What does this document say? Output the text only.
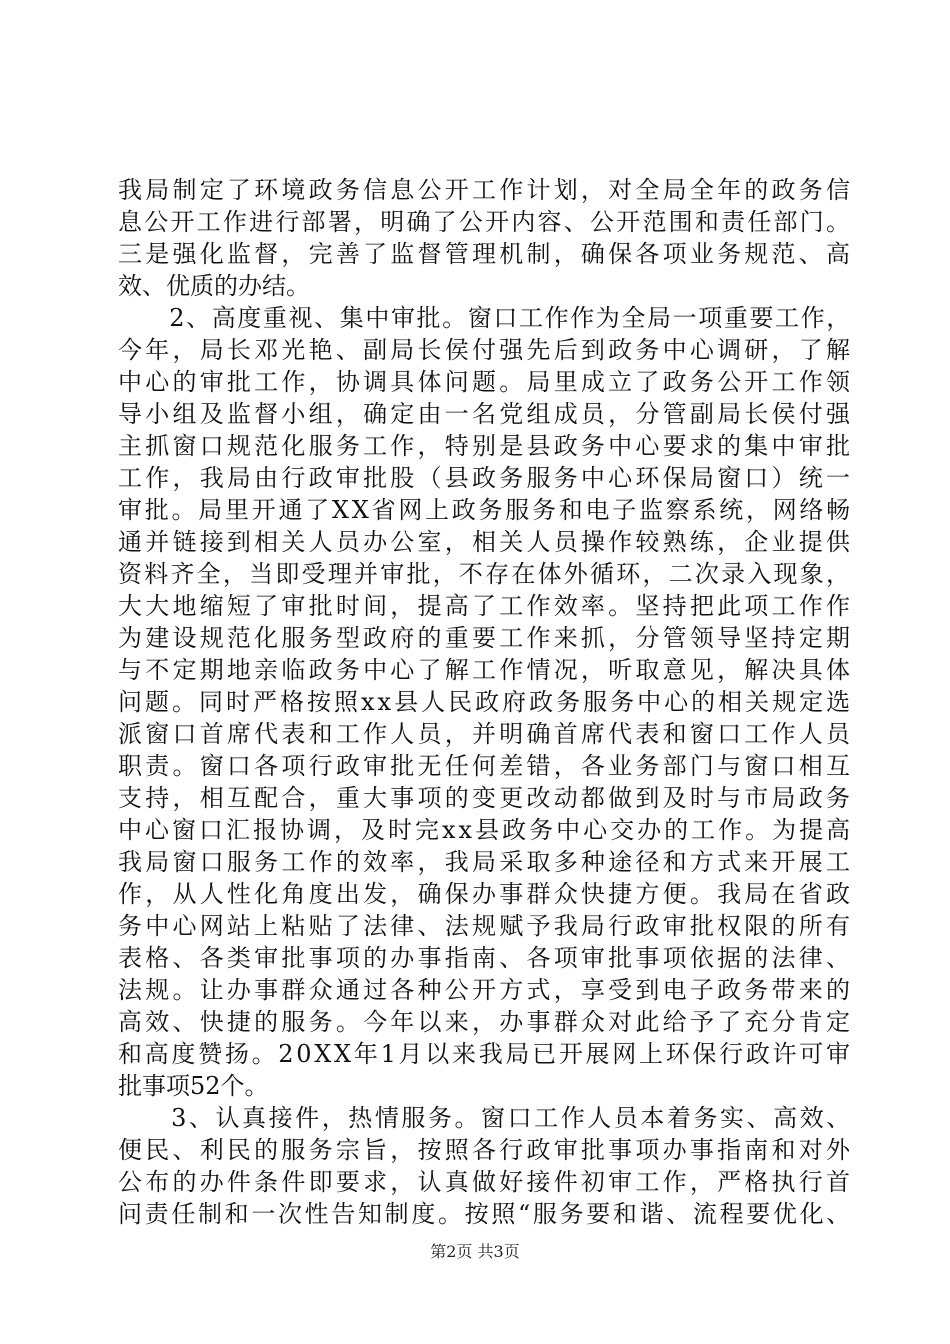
我局制定了环境政务信息公开工作计划，对全局全年的政务信
息公开工作进行部署，明确了公开内容、公开范围和责任部门。
三是强化监督，完善了监督管理机制，确保各项业务规范、高
效、优质的办结。
　　2、高度重视、集中审批。窗口工作作为全局一项重要工作，
今年，局长邓光艳、副局长侯付强先后到政务中心调研，了解
中心的审批工作，协调具体问题。局里成立了政务公开工作领
导小组及监督小组，确定由一名党组成员，分管副局长侯付强
主抓窗口规范化服务工作，特别是县政务中心要求的集中审批
工作，我局由行政审批股（县政务服务中心环保局窗口）统一
审批。局里开通了XX省网上政务服务和电子监察系统，网络畅
通并链接到相关人员办公室，相关人员操作较熟练，企业提供
资料齐全，当即受理并审批，不存在体外循环，二次录入现象，
大大地缩短了审批时间，提高了工作效率。坚持把此项工作作
为建设规范化服务型政府的重要工作来抓，分管领导坚持定期
与不定期地亲临政务中心了解工作情况，听取意见，解决具体
问题。同时严格按照xx县人民政府政务服务中心的相关规定选
派窗口首席代表和工作人员，并明确首席代表和窗口工作人员
职责。窗口各项行政审批无任何差错，各业务部门与窗口相互
支持，相互配合，重大事项的变更改动都做到及时与市局政务
中心窗口汇报协调，及时完xx县政务中心交办的工作。为提高
我局窗口服务工作的效率，我局采取多种途径和方式来开展工
作，从人性化角度出发，确保办事群众快捷方便。我局在省政
务中心网站上粘贴了法律、法规赋予我局行政审批权限的所有
表格、各类审批事项的办事指南、各项审批事项依据的法律、
法规。让办事群众通过各种公开方式，享受到电子政务带来的
高效、快捷的服务。今年以来，办事群众对此给予了充分肯定
和高度赞扬。20XX年1月以来我局已开展网上环保行政许可审
批事项52个。
　　3、认真接件，热情服务。窗口工作人员本着务实、高效、
便民、利民的服务宗旨，按照各行政审批事项办事指南和对外
公布的办件条件即要求，认真做好接件初审工作，严格执行首
问责任制和一次性告知制度。按照“服务要和谐、流程要优化、
第2页 共3页
